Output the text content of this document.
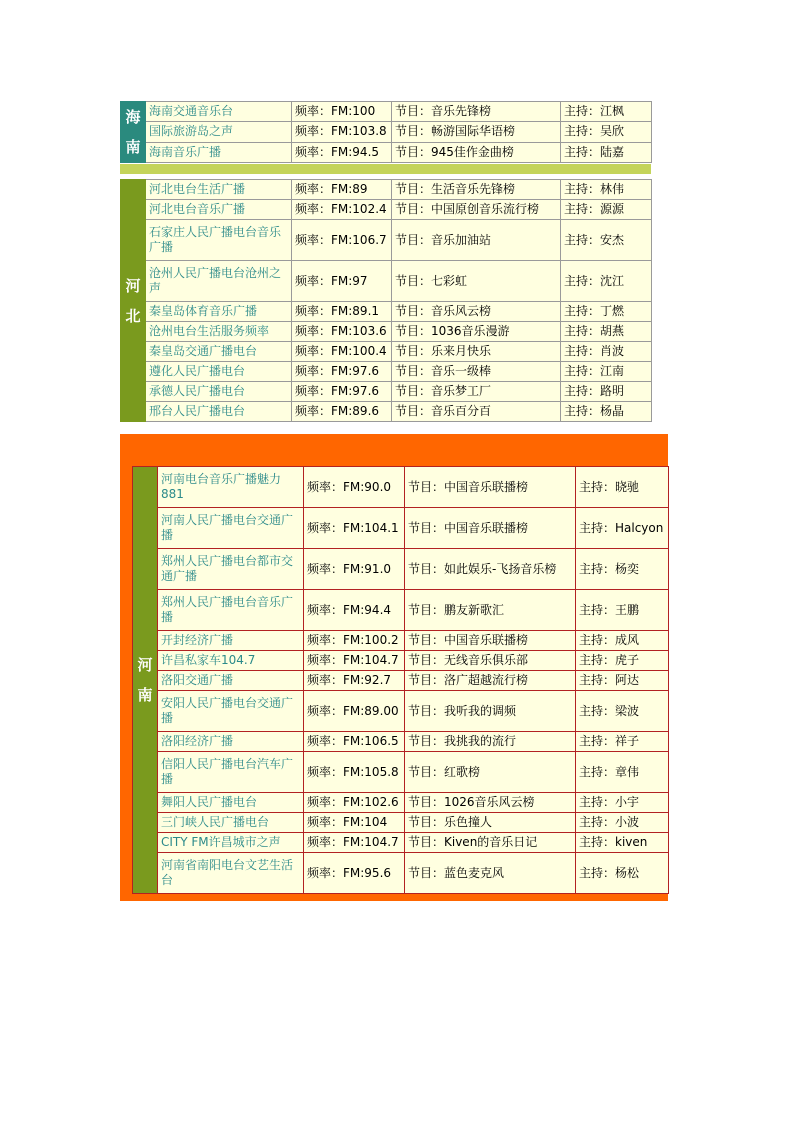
海
南	海南交通音乐台	频率：FM:100	节目：音乐先锋榜	主持：江枫
	国际旅游岛之声	频率：FM:103.8	节目：畅游国际华语榜	主持：吴欣
	海南音乐广播	频率：FM:94.5	节目：945佳作金曲榜	主持：陆嘉
河
北	河北电台生活广播	频率：FM:89	节目：生活音乐先锋榜	主持：林伟
	河北电台音乐广播	频率：FM:102.4	节目：中国原创音乐流行榜	主持：源源
	石家庄人民广播电台音乐广播	频率：FM:106.7	节目：音乐加油站	主持：安杰
	沧州人民广播电台沧州之声	频率：FM:97	节目：七彩虹	主持：沈江
	秦皇岛体育音乐广播	频率：FM:89.1	节目：音乐风云榜	主持：丁燃
	沧州电台生活服务频率	频率：FM:103.6	节目：1036音乐漫游	主持：胡燕
	秦皇岛交通广播电台	频率：FM:100.4	节目：乐来月快乐	主持：肖波
	遵化人民广播电台	频率：FM:97.6	节目：音乐一级棒	主持：江南
	承德人民广播电台	频率：FM:97.6	节目：音乐梦工厂	主持：路明
	邢台人民广播电台	频率：FM:89.6	节目：音乐百分百	主持：杨晶
河
南	河南电台音乐广播魅力881	频率：FM:90.0	节目：中国音乐联播榜	主持：晓驰
	河南人民广播电台交通广播	频率：FM:104.1	节目：中国音乐联播榜	主持：Halcyon
	郑州人民广播电台都市交通广播	频率：FM:91.0	节目：如此娱乐-飞扬音乐榜	主持：杨奕
	郑州人民广播电台音乐广播	频率：FM:94.4	节目：鹏友新歌汇	主持：王鹏
	开封经济广播	频率：FM:100.2	节目：中国音乐联播榜	主持：成风
	许昌私家车104.7	频率：FM:104.7	节目：无线音乐俱乐部	主持：虎子
	洛阳交通广播	频率：FM:92.7	节目：洛广超越流行榜	主持：阿达
	安阳人民广播电台交通广播	频率：FM:89.00	节目：我听我的调频	主持：梁波
	洛阳经济广播	频率：FM:106.5	节目：我挑我的流行	主持：祥子
	信阳人民广播电台汽车广播	频率：FM:105.8	节目：红歌榜	主持：章伟
	舞阳人民广播电台	频率：FM:102.6	节目：1026音乐风云榜	主持：小宇
	三门峡人民广播电台	频率：FM:104	节目：乐色撞人	主持：小波
	CITY FM许昌城市之声	频率：FM:104.7	节目：Kiven的音乐日记	主持：kiven
	河南省南阳电台文艺生活台	频率：FM:95.6	节目：蓝色麦克风	主持：杨松
